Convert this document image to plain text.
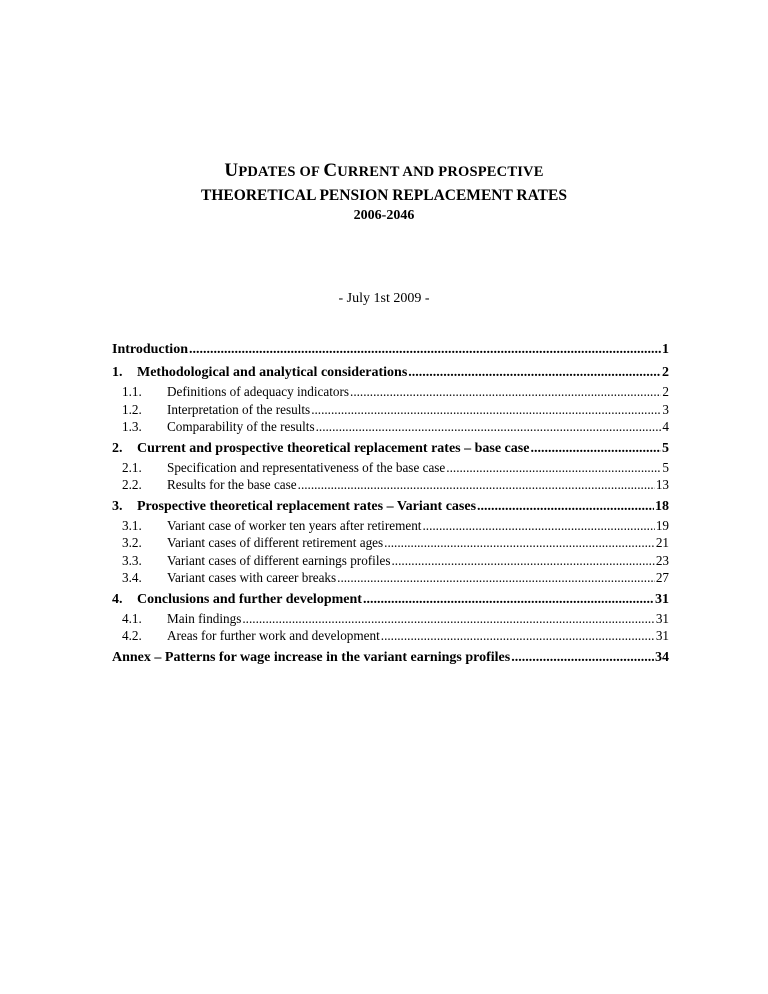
UPDATES OF CURRENT AND PROSPECTIVE
THEORETICAL PENSION REPLACEMENT RATES
2006-2046
- July 1st 2009 -
Introduction .....	1
1.	Methodological and analytical considerations .....	2
1.1.	Definitions of adequacy indicators .....	2
1.2.	Interpretation of the results .....	3
1.3.	Comparability of the results .....	4
2.	Current and prospective theoretical replacement rates – base case .....	5
2.1.	Specification and representativeness of the base case .....	5
2.2.	Results for the base case .....	13
3.	Prospective theoretical replacement rates – Variant cases .....	18
3.1.	Variant case of worker ten years after retirement .....	19
3.2.	Variant cases of different retirement ages .....	21
3.3.	Variant cases of different earnings profiles .....	23
3.4.	Variant cases with career breaks .....	27
4.	Conclusions and further development .....	31
4.1.	Main findings .....	31
4.2.	Areas for further work and development .....	31
Annex – Patterns for wage increase in the variant earnings profiles .....	34
